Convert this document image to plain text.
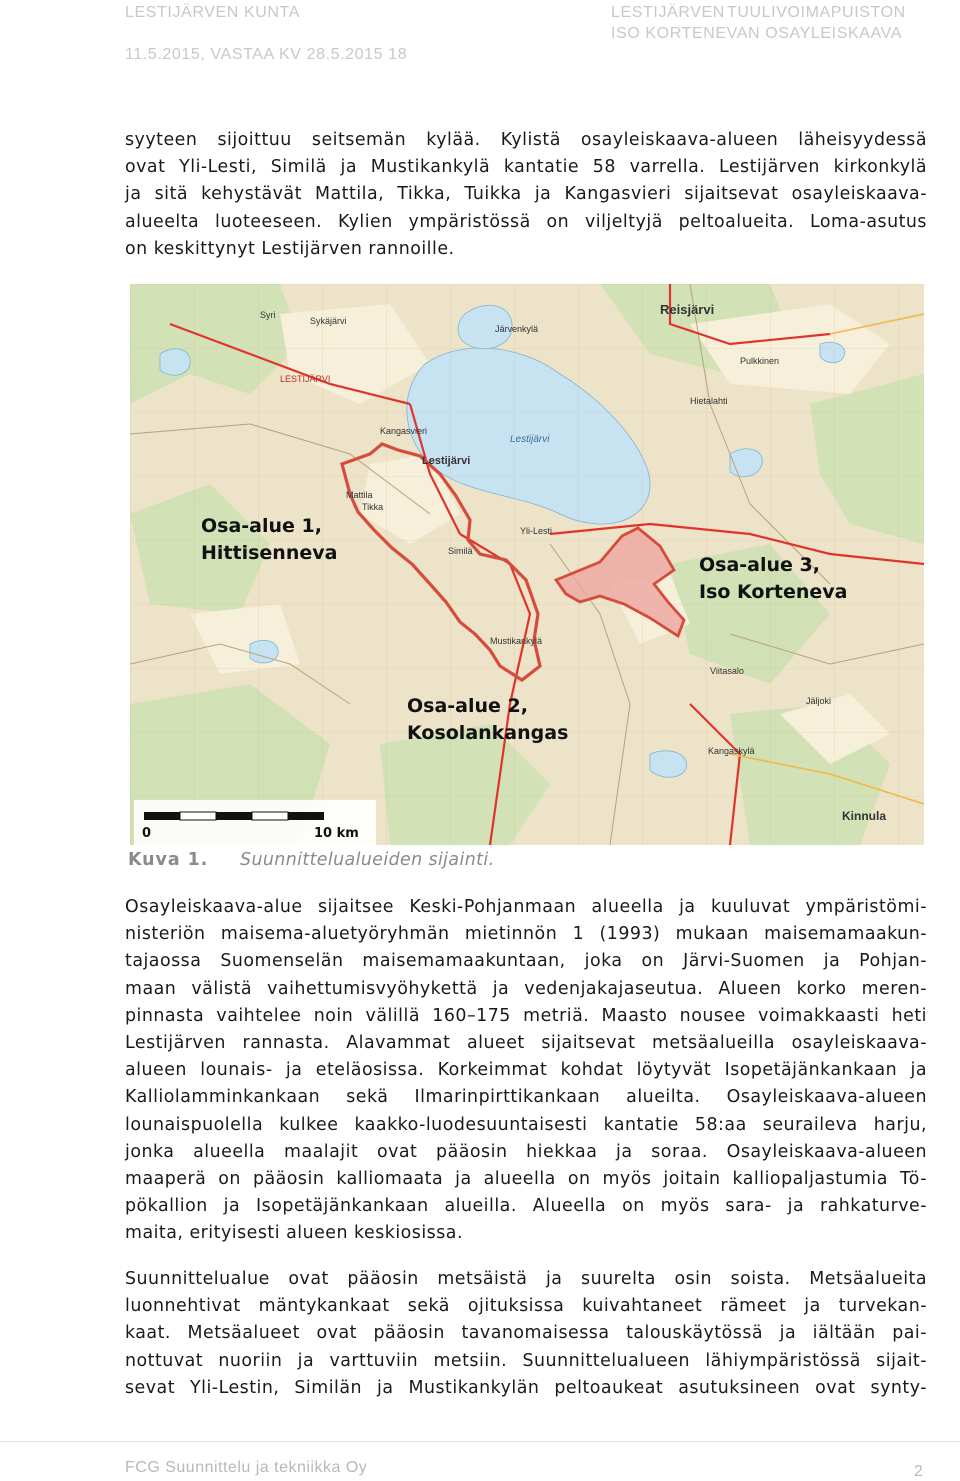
LESTIJÄRVEN KUNTA
11.5.2015, VASTAA KV 28.5.2015 18
LESTIJÄRVEN TUULIVOIMAPUISTON
ISO KORTENEVAN OSAYLEISKAAVA
syyteen sijoittuu seitsemän kylää. Kylistä osayleiskaava-alueen läheisyydessä
ovat Yli-Lesti, Similä ja Mustikankylä kantatie 58 varrella. Lestijärven kirkonkylä
ja sitä kehystävät Mattila, Tikka, Tuikka ja Kangasvieri sijaitsevat osayleiskaava-
alueelta luoteeseen. Kylien ympäristössä on viljeltyjä peltoalueita. Loma-asutus
on keskittynyt Lestijärven rannoille.
Reisjärvi
Lestijärvi
Lestijärvi
Yli-Lesti
Kinnula
LESTIJÄRVI
Sykäjärvi
Pulkkinen
Syri
Järvenkylä
Hietalahti
Mattila
Tikka
Kangasvieri
Similä
Mustikankylä
Kangaskylä
Viitasalo
Jäljoki
0	10 km
Osa-alue 1,
Hittisenneva
Osa-alue 3,
Iso Korteneva
Osa-alue 2,
Kosolankangas
Kuva 1. Suunnittelualueiden sijainti.
Osayleiskaava-alue sijaitsee Keski-Pohjanmaan alueella ja kuuluvat ympäristömi-
nisteriön maisema-aluetyöryhmän mietinnön 1 (1993) mukaan maisemamaakun-
tajaossa Suomenselän maisemamaakuntaan, joka on Järvi-Suomen ja Pohjan-
maan välistä vaihettumisvyöhykettä ja vedenjakajaseutua. Alueen korko meren-
pinnasta vaihtelee noin välillä 160–175 metriä. Maasto nousee voimakkaasti heti
Lestijärven rannasta. Alavammat alueet sijaitsevat metsäalueilla osayleiskaava-
alueen lounais- ja eteläosissa. Korkeimmat kohdat löytyvät Isopetäjänkankaan ja
Kalliolamminkankaan sekä Ilmarinpirttikankaan alueilta. Osayleiskaava-alueen
lounaispuolella kulkee kaakko-luodesuuntaisesti kantatie 58:aa seuraileva harju,
jonka alueella maalajit ovat pääosin hiekkaa ja soraa. Osayleiskaava-alueen
maaperä on pääosin kalliomaata ja alueella on myös joitain kalliopaljastumia Tö-
pökallion ja Isopetäjänkankaan alueilla. Alueella on myös sara- ja rahkaturve-
maita, erityisesti alueen keskiosissa.
Suunnittelualue ovat pääosin metsäistä ja suurelta osin soista. Metsäalueita
luonnehtivat mäntykankaat sekä ojituksissa kuivahtaneet rämeet ja turvekan-
kaat. Metsäalueet ovat pääosin tavanomaisessa talouskäytössä ja iältään pai-
nottuvat nuoriin ja varttuviin metsiin. Suunnittelualueen lähiympäristössä sijait-
sevat Yli-Lestin, Similän ja Mustikankylän peltoaukeat asutuksineen ovat synty-
FCG Suunnittelu ja tekniikka Oy	2
